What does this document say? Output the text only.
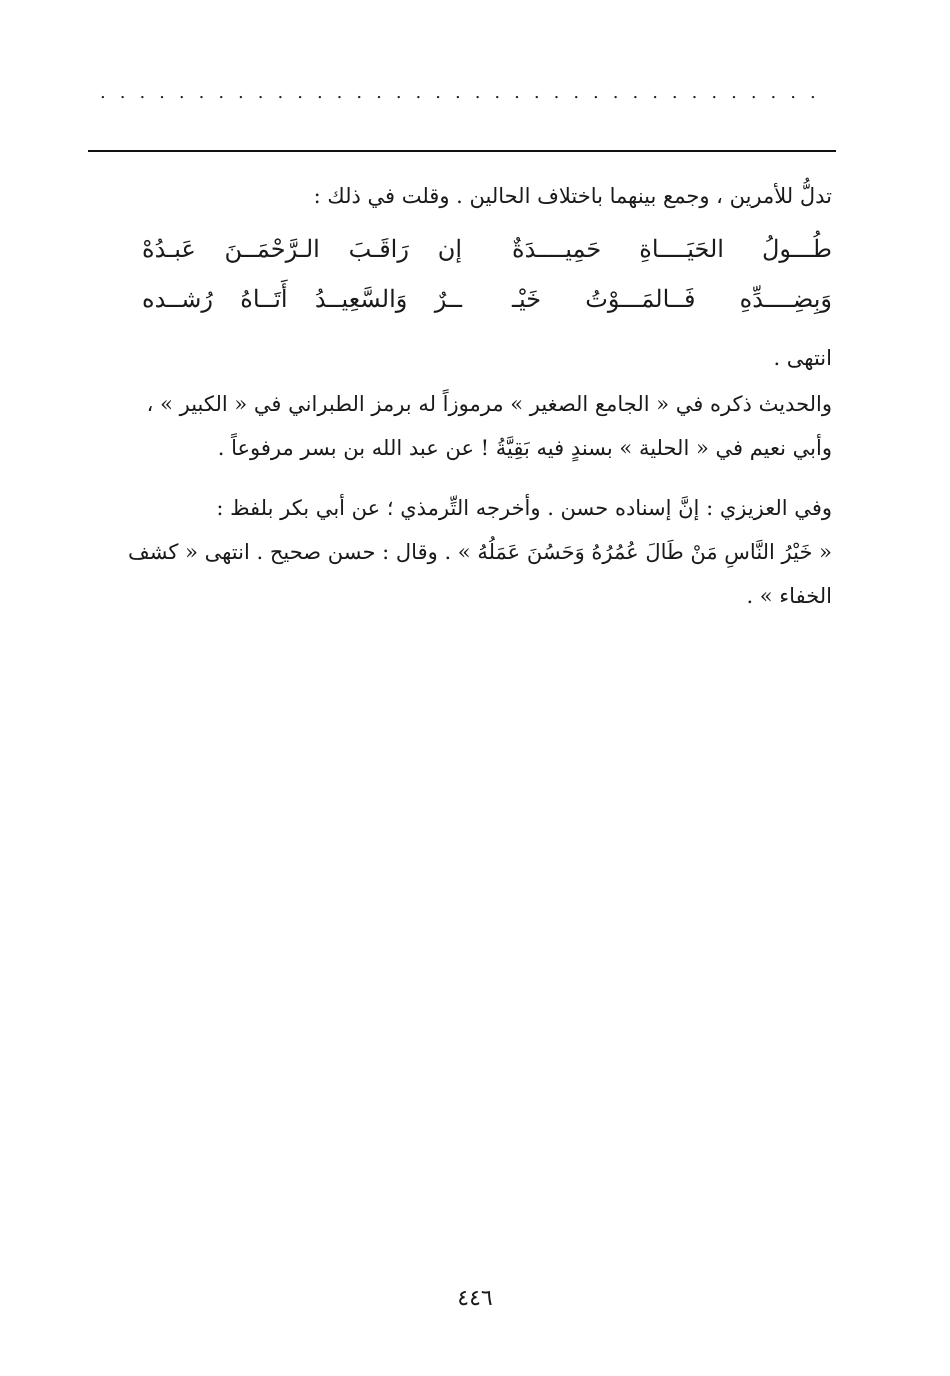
.....................................
تدلُّ للأمرين ، وجمع بينهما باختلاف الحالين . وقلت في ذلك :
طُـــولُ الحَيَــــاةِ حَمِيــــدَةٌ
إن رَاقَـبَ الـرَّحْمَــنَ عَبـدُهْ
وَبِضِــــدِّهِ فَــالمَـــوْتُ خَيْـ
ــرٌ وَالسَّعِيــدُ أَتَــاهُ رُشــده
انتهى .
والحديث ذكره في « الجامع الصغير » مرموزاً له برمز الطبراني في « الكبير » ،
وأبي نعيم في « الحلية » بسندٍ فيه بَقِيَّةُ ! عن عبد الله بن بسر مرفوعاً .
وفي العزيزي : إنَّ إسناده حسن . وأخرجه التِّرمذي ؛ عن أبي بكر بلفظ :
« خَيْرُ النَّاسِ مَنْ طَالَ عُمُرُهُ وَحَسُنَ عَمَلُهُ » . وقال : حسن صحيح . انتهى « كشف
الخفاء » .
٤٤٦
